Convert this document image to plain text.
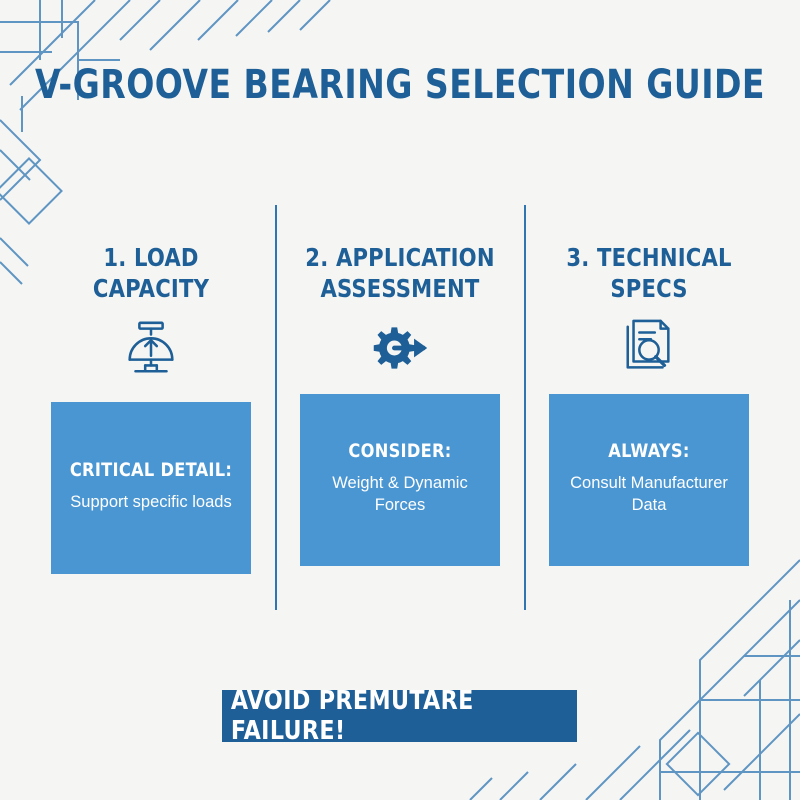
V-GROOVE BEARING SELECTION GUIDE
1. LOAD CAPACITY
CRITICAL DETAIL:
Support specific loads
2. APPLICATION ASSESSMENT
CONSIDER:
Weight & Dynamic Forces
3. TECHNICAL SPECS
ALWAYS:
Consult Manufacturer Data
AVOID PREMUTARE FAILURE!
